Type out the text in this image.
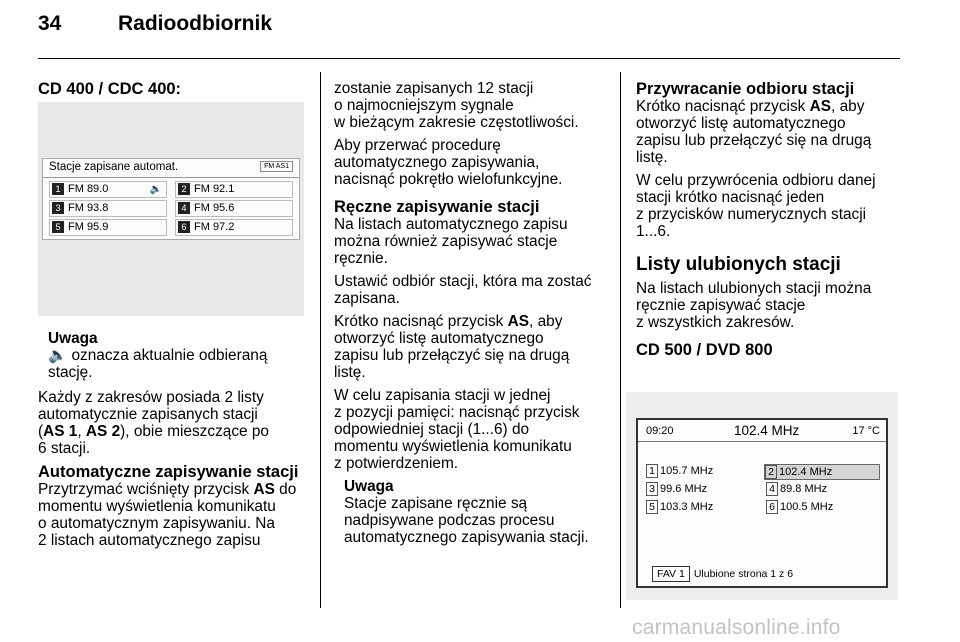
34	Radioodbiornik
CD 400 / CDC 400:
Stacje zapisane automat.	FM AS1
1 FM 89.0	🔈	2 FM 92.1
3 FM 93.8	4 FM 95.6
5 FM 95.9	6 FM 97.2
Uwaga
🔈 oznacza aktualnie odbieraną
stację.

Każdy z zakresów posiada 2 listy
automatycznie zapisanych stacji
(AS 1, AS 2), obie mieszczące po
6 stacji.

Automatyczne zapisywanie stacji

Przytrzymać wciśnięty przycisk AS do
momentu wyświetlenia komunikatu
o automatycznym zapisywaniu. Na
2 listach automatycznego zapisu

zostanie zapisanych 12 stacji
o najmocniejszym sygnale
w bieżącym zakresie częstotliwości.

Aby przerwać procedurę
automatycznego zapisywania,
nacisnąć pokrętło wielofunkcyjne.

Ręczne zapisywanie stacji

Na listach automatycznego zapisu
można również zapisywać stacje
ręcznie.

Ustawić odbiór stacji, która ma zostać
zapisana.

Krótko nacisnąć przycisk AS, aby
otworzyć listę automatycznego
zapisu lub przełączyć się na drugą
listę.

W celu zapisania stacji w jednej
z pozycji pamięci: nacisnąć przycisk
odpowiedniej stacji (1...6) do
momentu wyświetlenia komunikatu
z potwierdzeniem.

Uwaga
Stacje zapisane ręcznie są
nadpisywane podczas procesu
automatycznego zapisywania stacji.
Przywracanie odbioru stacji

Krótko nacisnąć przycisk AS, aby
otworzyć listę automatycznego
zapisu lub przełączyć się na drugą
listę.

W celu przywrócenia odbioru danej
stacji krótko nacisnąć jeden
z przycisków numerycznych stacji
1...6.

Listy ulubionych stacji

Na listach ulubionych stacji można
ręcznie zapisywać stacje
z wszystkich zakresów.

CD 500 / DVD 800
09:20	102.4 MHz	17 °C
1 105.7 MHz	2 102.4 MHz
3 99.6 MHz	4 89.8 MHz
5 103.3 MHz	6 100.5 MHz
FAV 1 Ulubione strona 1 z 6
carmanualsonline.info
